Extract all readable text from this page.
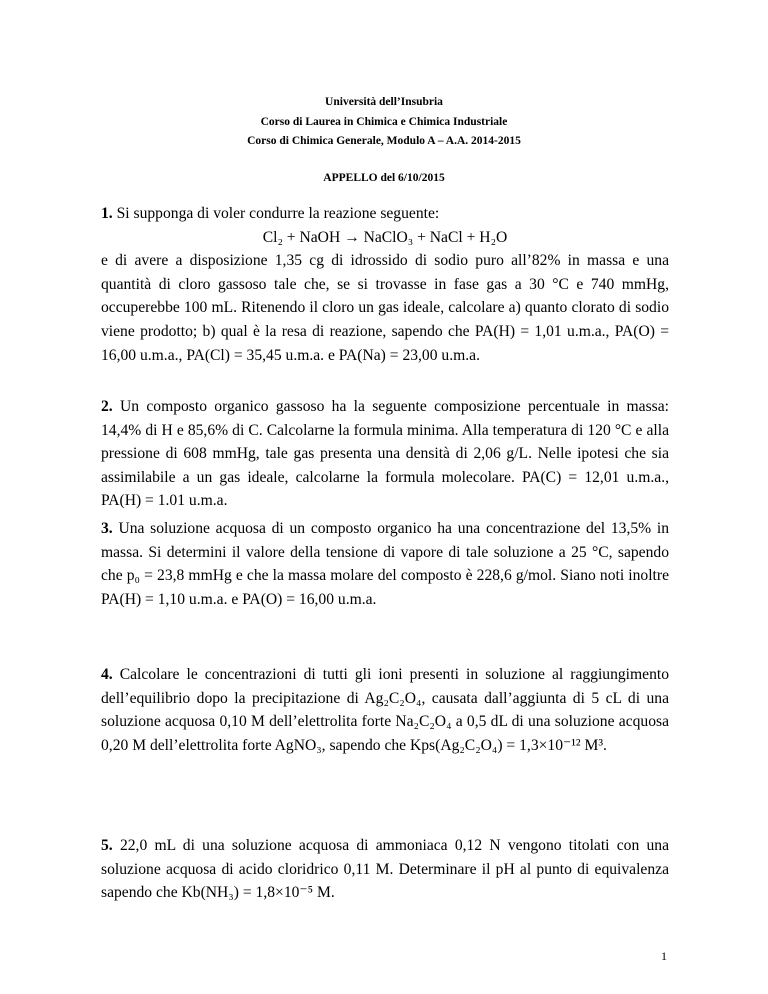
Università dell’Insubria
Corso di Laurea in Chimica e Chimica Industriale
Corso di Chimica Generale, Modulo A – A.A. 2014-2015
APPELLO del 6/10/2015
1. Si supponga di voler condurre la reazione seguente:
Cl₂ + NaOH → NaClO₃ + NaCl + H₂O
e di avere a disposizione 1,35 cg di idrossido di sodio puro all’82% in massa e una quantità di cloro gassoso tale che, se si trovasse in fase gas a 30 °C e 740 mmHg, occuperebbe 100 mL. Ritenendo il cloro un gas ideale, calcolare a) quanto clorato di sodio viene prodotto; b) qual è la resa di reazione, sapendo che PA(H) = 1,01 u.m.a., PA(O) = 16,00 u.m.a., PA(Cl) = 35,45 u.m.a. e PA(Na) = 23,00 u.m.a.
2. Un composto organico gassoso ha la seguente composizione percentuale in massa: 14,4% di H e 85,6% di C. Calcolarne la formula minima. Alla temperatura di 120 °C e alla pressione di 608 mmHg, tale gas presenta una densità di 2,06 g/L. Nelle ipotesi che sia assimilabile a un gas ideale, calcolarne la formula molecolare. PA(C) = 12,01 u.m.a., PA(H) = 1.01 u.m.a.
3. Una soluzione acquosa di un composto organico ha una concentrazione del 13,5% in massa. Si determini il valore della tensione di vapore di tale soluzione a 25 °C, sapendo che p₀ = 23,8 mmHg e che la massa molare del composto è 228,6 g/mol. Siano noti inoltre PA(H) = 1,10 u.m.a. e PA(O) = 16,00 u.m.a.
4. Calcolare le concentrazioni di tutti gli ioni presenti in soluzione al raggiungimento dell’equilibrio dopo la precipitazione di Ag₂C₂O₄, causata dall’aggiunta di 5 cL di una soluzione acquosa 0,10 M dell’elettrolita forte Na₂C₂O₄ a 0,5 dL di una soluzione acquosa 0,20 M dell’elettrolita forte AgNO₃, sapendo che Kps(Ag₂C₂O₄) = 1,3×10⁻¹² M³.
5. 22,0 mL di una soluzione acquosa di ammoniaca 0,12 N vengono titolati con una soluzione acquosa di acido cloridrico 0,11 M. Determinare il pH al punto di equivalenza sapendo che Kb(NH₃) = 1,8×10⁻⁵ M.
1
